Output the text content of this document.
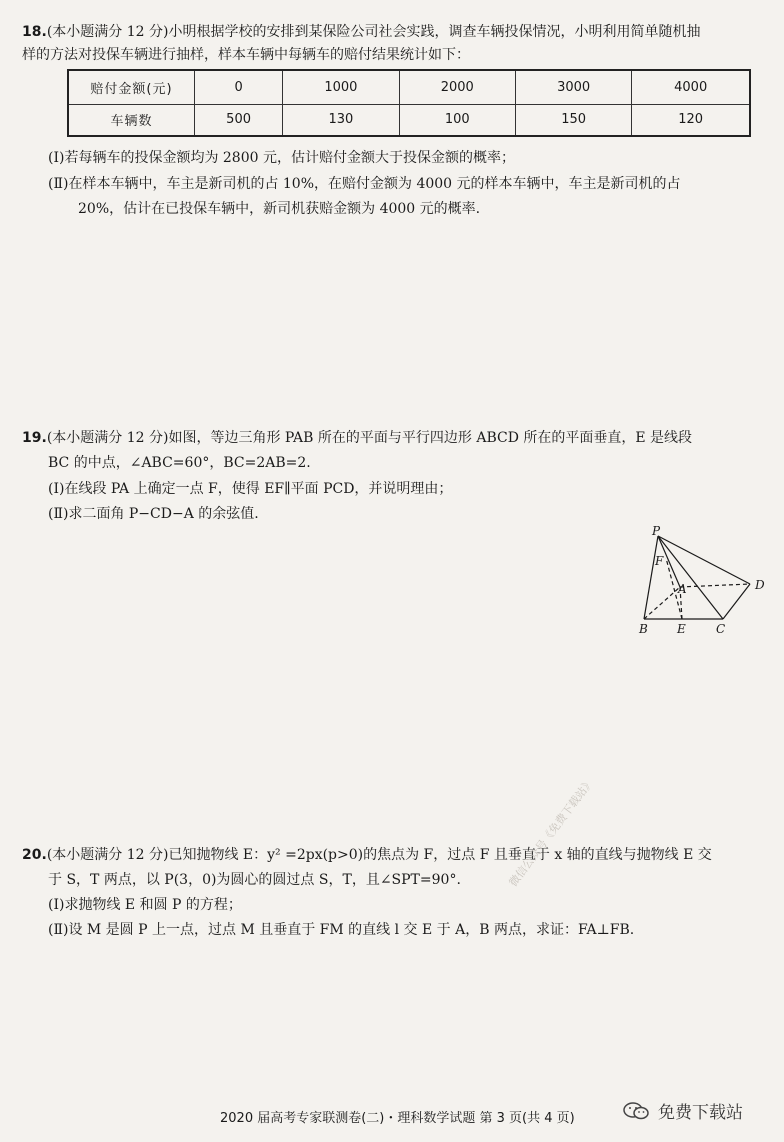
18.(本小题满分 12 分)小明根据学校的安排到某保险公司社会实践，调查车辆投保情况，小明利用简单随机抽
样的方法对投保车辆进行抽样，样本车辆中每辆车的赔付结果统计如下：
赔付金额(元)	0	1000	2000	3000	4000
车辆数	500	130	100	150	120
(Ⅰ)若每辆车的投保金额均为 2800 元，估计赔付金额大于投保金额的概率；
(Ⅱ)在样本车辆中，车主是新司机的占 10%，在赔付金额为 4000 元的样本车辆中，车主是新司机的占
20%，估计在已投保车辆中，新司机获赔金额为 4000 元的概率.
19.(本小题满分 12 分)如图，等边三角形 PAB 所在的平面与平行四边形 ABCD 所在的平面垂直，E 是线段
BC 的中点，∠ABC=60°，BC=2AB=2.
(Ⅰ)在线段 PA 上确定一点 F，使得 EF∥平面 PCD，并说明理由；
(Ⅱ)求二面角 P−CD−A 的余弦值.
P
F
A	D
B E	C
20.(本小题满分 12 分)已知抛物线 E：y² =2px(p>0)的焦点为 F，过点 F 且垂直于 x 轴的直线与抛物线 E 交
于 S，T 两点，以 P(3，0)为圆心的圆过点 S，T，且∠SPT=90°.
(Ⅰ)求抛物线 E 和圆 P 的方程；
(Ⅱ)设 M 是圆 P 上一点，过点 M 且垂直于 FM 的直线 l 交 E 于 A，B 两点，求证：FA⊥FB.
微信公众号《免费下载站》
2020 届高考专家联测卷(二)・理科数学试题 第 3 页(共 4 页)	免费下载站
